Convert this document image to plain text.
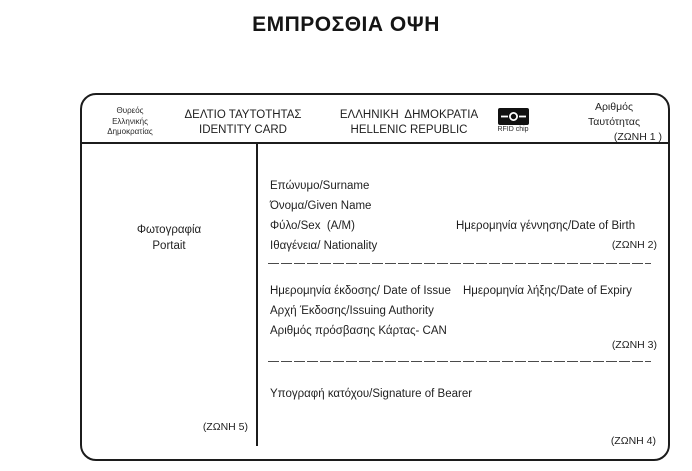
ΕΜΠΡΟΣΘΙΑ ΟΨΗ
Θυρεός
Ελληνικής
Δημοκρατίας
ΔΕΛΤΙΟ ΤΑΥΤΟΤΗΤΑΣ
IDENTITY CARD
ΕΛΛΗΝΙΚΗ  ΔΗΜΟΚΡΑΤΙΑ
HELLENIC REPUBLIC	RFID chip
Αριθμός
Ταυτότητας
(ΖΩΝΗ 1 )
Φωτογραφία
Portait
(ΖΩΝΗ 5)
Επώνυμο/Surname
Όνομα/Given Name
Φύλο/Sex  (Α/Μ)
Ιθαγένεια/ Nationality
Ημερομηνία γέννησης/Date of Birth
(ΖΩΝΗ 2)
Ημερομηνία έκδοσης/ Date of Issue
Αρχή Έκδοσης/Issuing Authority
Αριθμός πρόσβασης Κάρτας- CAN
Ημερομηνία λήξης/Date of Expiry
(ΖΩΝΗ 3)
Υπογραφή κατόχου/Signature of Bearer
(ΖΩΝΗ 4)
